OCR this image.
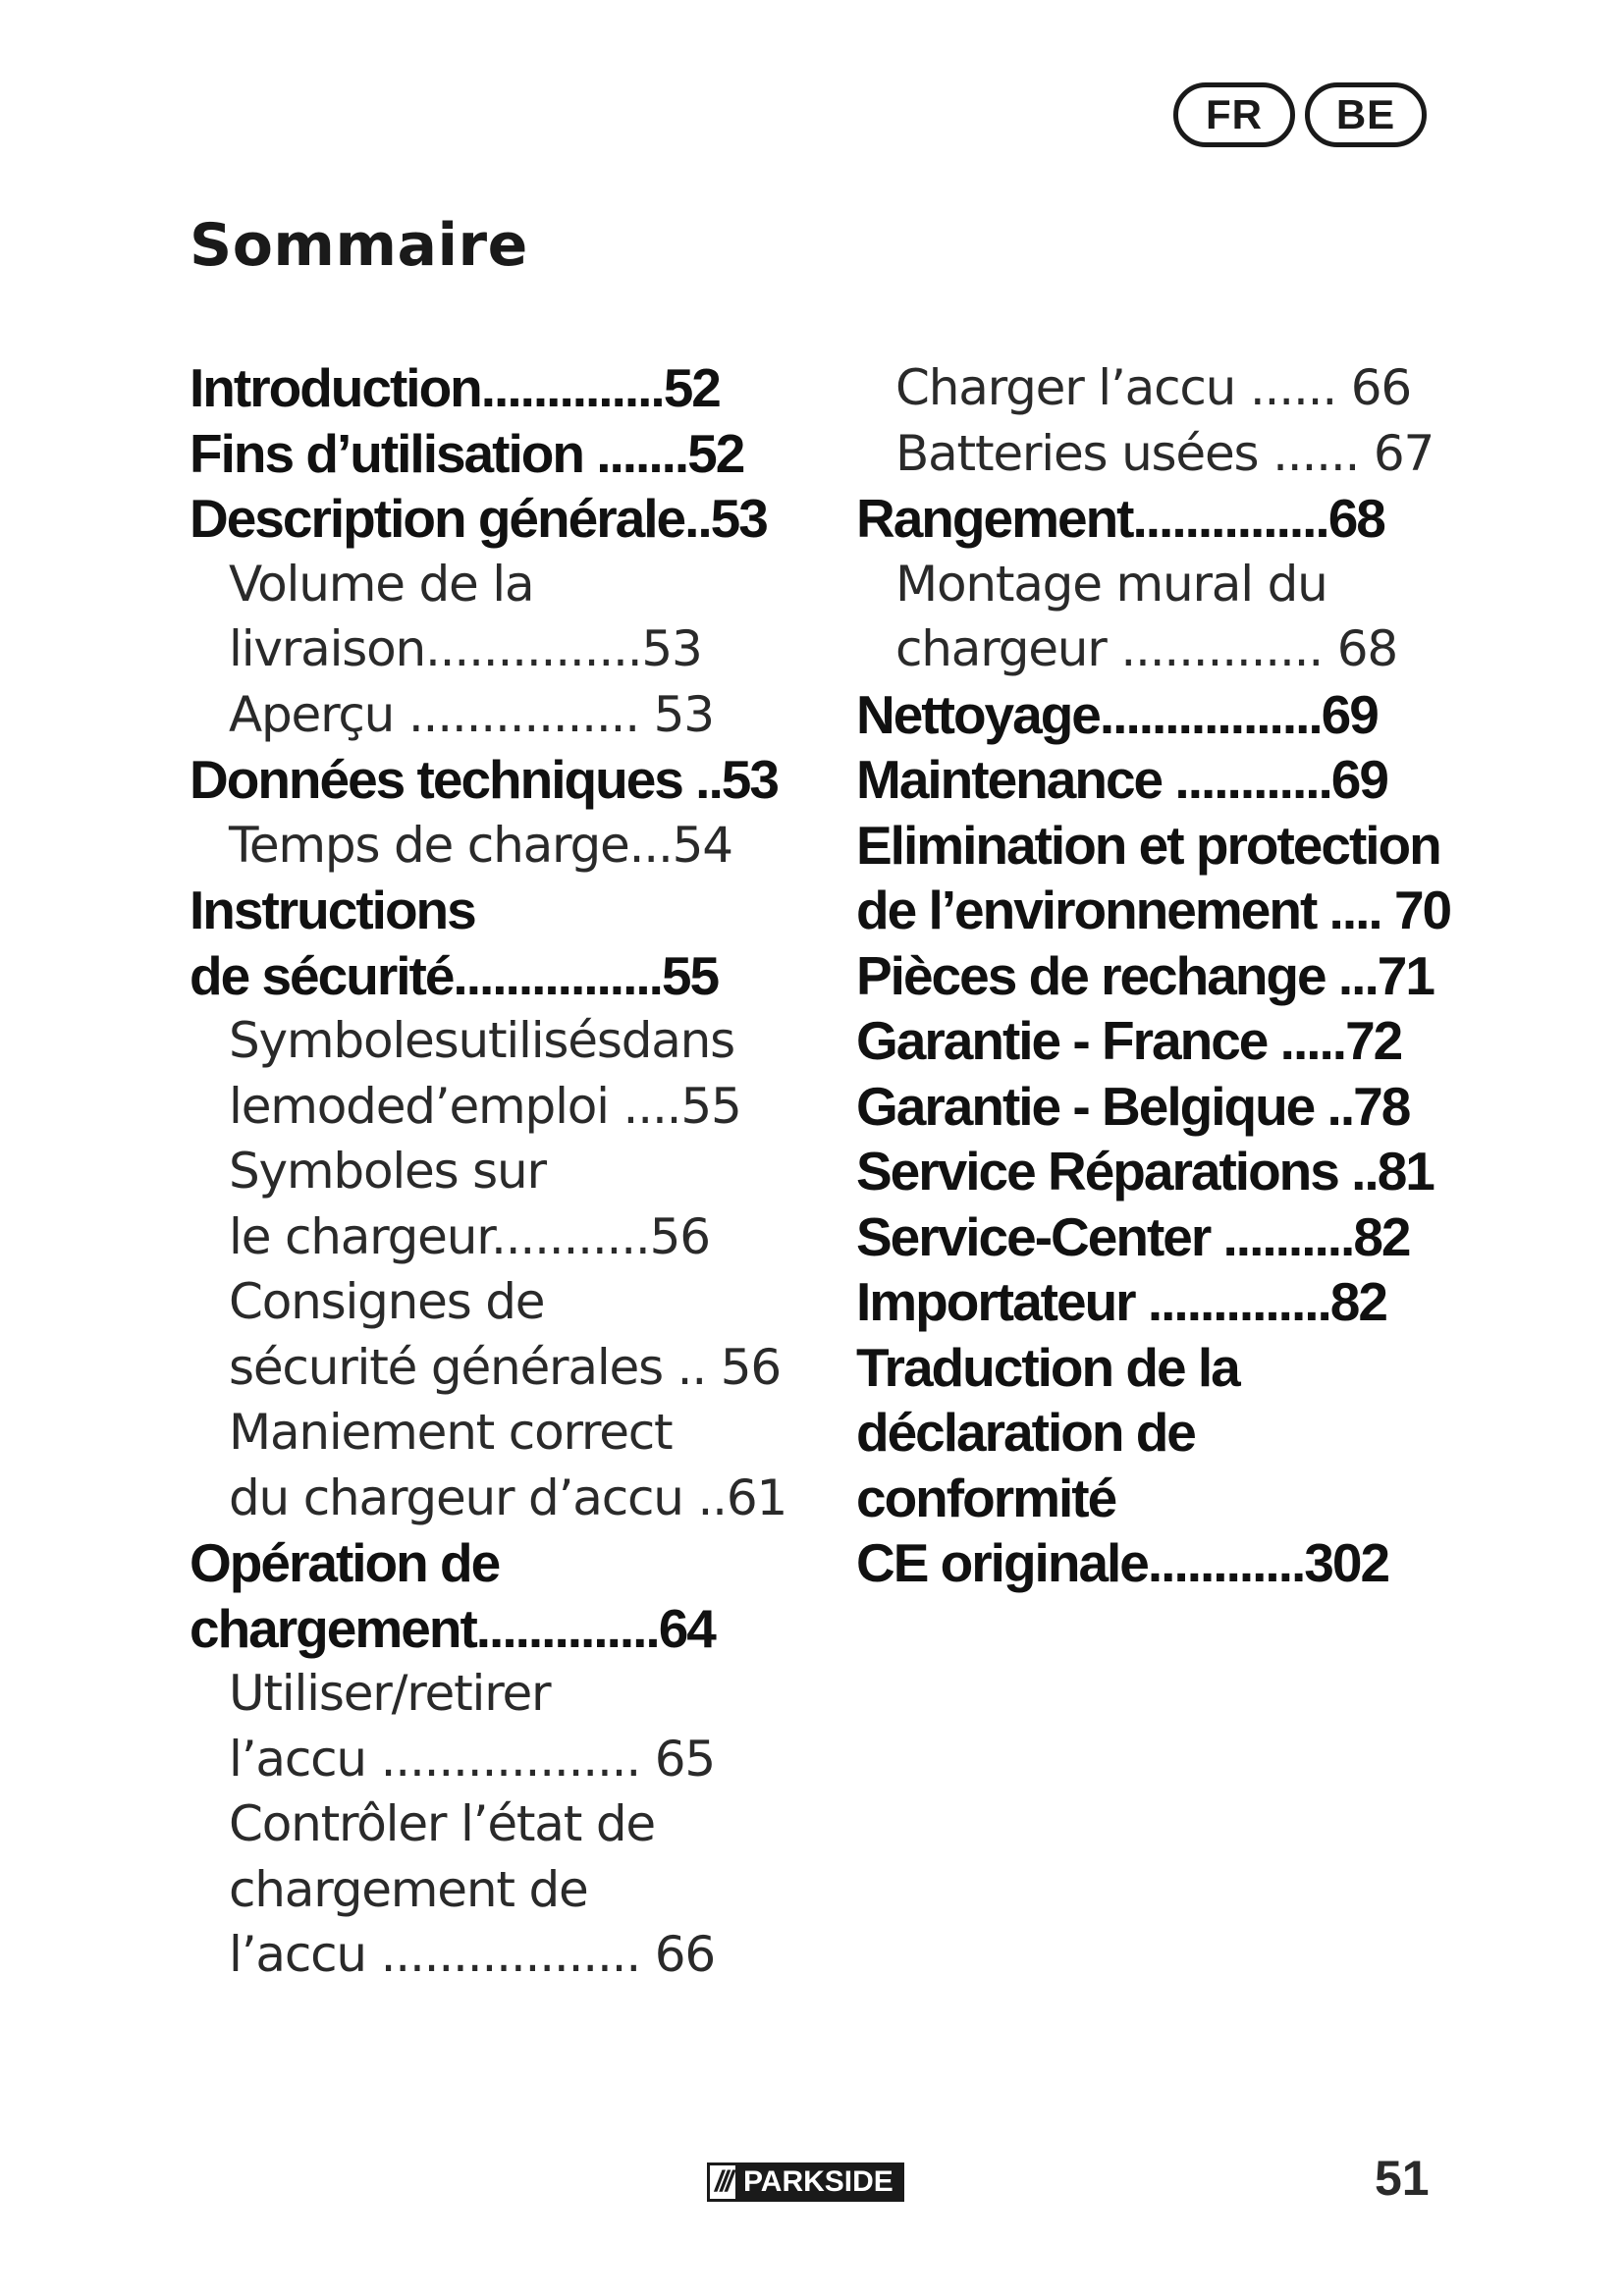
FR	BE
Sommaire
Introduction..............52
Fins d’utilisation .......52
Description générale..53
Volume de la
livraison...............53
Aperçu ................ 53
Données techniques ..53
Temps de charge...54
Instructions
de sécurité................55
Symbolesutilisésdans
lemoded’emploi ....55
Symboles sur
le chargeur...........56
Consignes de
sécurité générales .. 56
Maniement correct
du chargeur d’accu ..61
Opération de
chargement..............64
Utiliser/retirer
l’accu .................. 65
Contrôler l’état de
chargement de
l’accu .................. 66
Charger l’accu ...... 66
Batteries usées ...... 67
Rangement...............68
Montage mural du
chargeur .............. 68
Nettoyage.................69
Maintenance ............69
Elimination et protection
de l’environnement .... 70
Pièces de rechange ...71
Garantie - France .....72
Garantie - Belgique ..78
Service Réparations ..81
Service-Center ..........82
Importateur ..............82
Traduction de la
déclaration de
conformité
CE originale............302
/// PARKSIDE	51
